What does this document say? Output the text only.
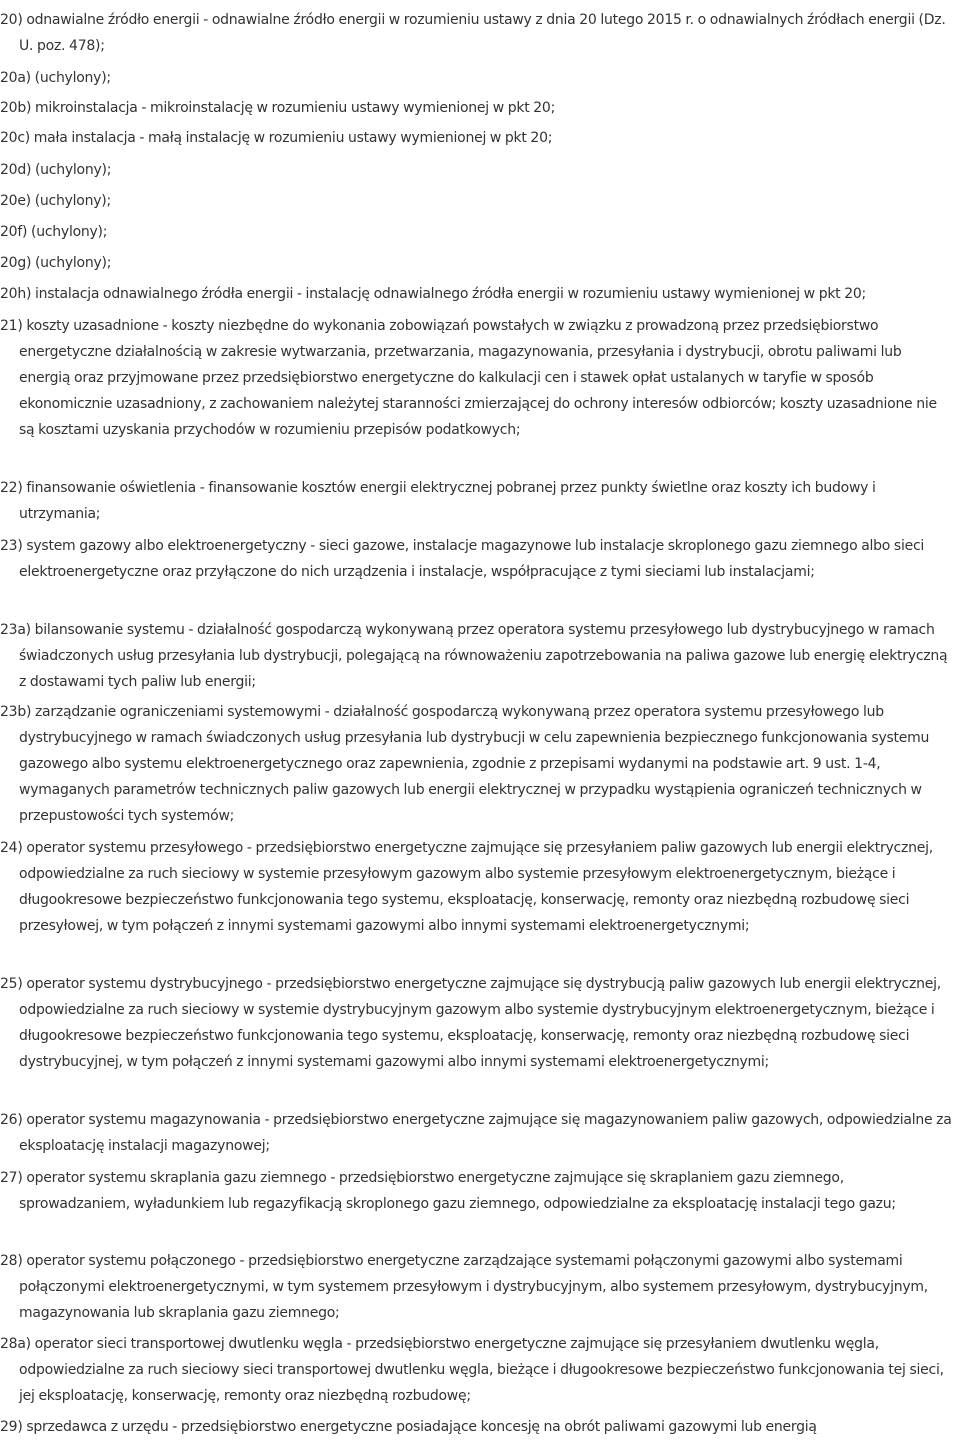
20) odnawialne źródło energii - odnawialne źródło energii w rozumieniu ustawy z dnia 20 lutego 2015 r. o odnawialnych źródłach energii (Dz. U. poz. 478);

20a) (uchylony);

20b) mikroinstalacja - mikroinstalację w rozumieniu ustawy wymienionej w pkt 20;

20c) mała instalacja - małą instalację w rozumieniu ustawy wymienionej w pkt 20;

20d) (uchylony);

20e) (uchylony);

20f) (uchylony);

20g) (uchylony);

20h) instalacja odnawialnego źródła energii - instalację odnawialnego źródła energii w rozumieniu ustawy wymienionej w pkt 20;

21) koszty uzasadnione - koszty niezbędne do wykonania zobowiązań powstałych w związku z prowadzoną przez przedsiębiorstwo energetyczne działalnością w zakresie wytwarzania, przetwarzania, magazynowania, przesyłania i dystrybucji, obrotu paliwami lub energią oraz przyjmowane przez przedsiębiorstwo energetyczne do kalkulacji cen i stawek opłat ustalanych w taryfie w sposób ekonomicznie uzasadniony, z zachowaniem należytej staranności zmierzającej do ochrony interesów odbiorców; koszty uzasadnione nie są kosztami uzyskania przychodów w rozumieniu przepisów podatkowych;

22) finansowanie oświetlenia - finansowanie kosztów energii elektrycznej pobranej przez punkty świetlne oraz koszty ich budowy i utrzymania;

23) system gazowy albo elektroenergetyczny - sieci gazowe, instalacje magazynowe lub instalacje skroplonego gazu ziemnego albo sieci elektroenergetyczne oraz przyłączone do nich urządzenia i instalacje, współpracujące z tymi sieciami lub instalacjami;

23a) bilansowanie systemu - działalność gospodarczą wykonywaną przez operatora systemu przesyłowego lub dystrybucyjnego w ramach świadczonych usług przesyłania lub dystrybucji, polegającą na równoważeniu zapotrzebowania na paliwa gazowe lub energię elektryczną z dostawami tych paliw lub energii;

23b) zarządzanie ograniczeniami systemowymi - działalność gospodarczą wykonywaną przez operatora systemu przesyłowego lub dystrybucyjnego w ramach świadczonych usług przesyłania lub dystrybucji w celu zapewnienia bezpiecznego funkcjonowania systemu gazowego albo systemu elektroenergetycznego oraz zapewnienia, zgodnie z przepisami wydanymi na podstawie art. 9 ust. 1-4, wymaganych parametrów technicznych paliw gazowych lub energii elektrycznej w przypadku wystąpienia ograniczeń technicznych w przepustowości tych systemów;

24) operator systemu przesyłowego - przedsiębiorstwo energetyczne zajmujące się przesyłaniem paliw gazowych lub energii elektrycznej, odpowiedzialne za ruch sieciowy w systemie przesyłowym gazowym albo systemie przesyłowym elektroenergetycznym, bieżące i długookresowe bezpieczeństwo funkcjonowania tego systemu, eksploatację, konserwację, remonty oraz niezbędną rozbudowę sieci przesyłowej, w tym połączeń z innymi systemami gazowymi albo innymi systemami elektroenergetycznymi;

25) operator systemu dystrybucyjnego - przedsiębiorstwo energetyczne zajmujące się dystrybucją paliw gazowych lub energii elektrycznej, odpowiedzialne za ruch sieciowy w systemie dystrybucyjnym gazowym albo systemie dystrybucyjnym elektroenergetycznym, bieżące i długookresowe bezpieczeństwo funkcjonowania tego systemu, eksploatację, konserwację, remonty oraz niezbędną rozbudowę sieci dystrybucyjnej, w tym połączeń z innymi systemami gazowymi albo innymi systemami elektroenergetycznymi;

26) operator systemu magazynowania - przedsiębiorstwo energetyczne zajmujące się magazynowaniem paliw gazowych, odpowiedzialne za eksploatację instalacji magazynowej;

27) operator systemu skraplania gazu ziemnego - przedsiębiorstwo energetyczne zajmujące się skraplaniem gazu ziemnego, sprowadzaniem, wyładunkiem lub regazyfikacją skroplonego gazu ziemnego, odpowiedzialne za eksploatację instalacji tego gazu;

28) operator systemu połączonego - przedsiębiorstwo energetyczne zarządzające systemami połączonymi gazowymi albo systemami połączonymi elektroenergetycznymi, w tym systemem przesyłowym i dystrybucyjnym, albo systemem przesyłowym, dystrybucyjnym, magazynowania lub skraplania gazu ziemnego;

28a) operator sieci transportowej dwutlenku węgla - przedsiębiorstwo energetyczne zajmujące się przesyłaniem dwutlenku węgla, odpowiedzialne za ruch sieciowy sieci transportowej dwutlenku węgla, bieżące i długookresowe bezpieczeństwo funkcjonowania tej sieci, jej eksploatację, konserwację, remonty oraz niezbędną rozbudowę;

29) sprzedawca z urzędu - przedsiębiorstwo energetyczne posiadające koncesję na obrót paliwami gazowymi lub energią
